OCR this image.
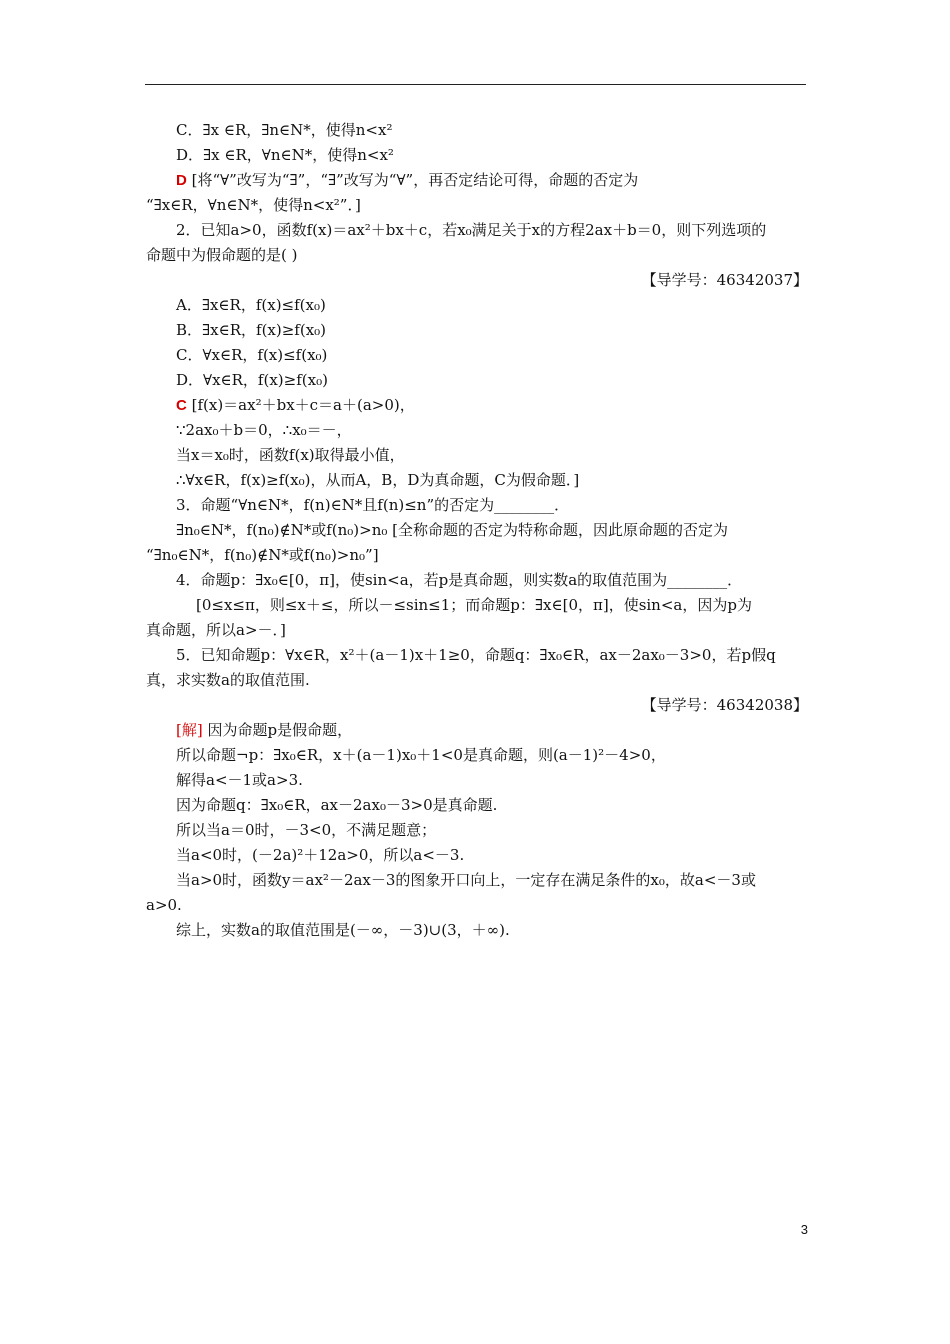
C．∃x ∈R，∃n∈N*，使得n<x²
D．∃x ∈R，∀n∈N*，使得n<x²
D [将“∀”改写为“∃”，“∃”改写为“∀”，再否定结论可得，命题的否定为
“∃x∈R，∀n∈N*，使得n<x²”．]
2．已知a>0，函数f(x)＝ax²＋bx＋c，若x₀满足关于x的方程2ax＋b＝0，则下列选项的
命题中为假命题的是( )
【导学号：46342037】
A．∃x∈R，f(x)≤f(x₀)
B．∃x∈R，f(x)≥f(x₀)
C．∀x∈R，f(x)≤f(x₀)
D．∀x∈R，f(x)≥f(x₀)
C [f(x)＝ax²＋bx＋c＝a＋(a>0)，
∵2ax₀＋b＝0，∴x₀＝－，
当x＝x₀时，函数f(x)取得最小值，
∴∀x∈R，f(x)≥f(x₀)，从而A，B，D为真命题，C为假命题．]
3．命题“∀n∈N*，f(n)∈N*且f(n)≤n”的否定为________．
∃n₀∈N*，f(n₀)∉N*或f(n₀)>n₀ [全称命题的否定为特称命题，因此原命题的否定为
“∃n₀∈N*，f(n₀)∉N*或f(n₀)>n₀”]
4．命题p：∃x₀∈[0，π]，使sin<a，若p是真命题，则实数a的取值范围为________．
[0≤x≤π，则≤x＋≤，所以－≤sin≤1；而命题p：∃x∈[0，π]，使sin<a，因为p为
真命题，所以a>－．]
5．已知命题p：∀x∈R，x²＋(a－1)x＋1≥0，命题q：∃x₀∈R，ax－2ax₀－3>0，若p假q
真，求实数a的取值范围.
【导学号：46342038】
[解] 因为命题p是假命题，
所以命题¬p：∃x₀∈R，x＋(a－1)x₀＋1<0是真命题，则(a－1)²－4>0，
解得a<－1或a>3.
因为命题q：∃x₀∈R，ax－2ax₀－3>0是真命题.
所以当a＝0时，－3<0，不满足题意；
当a<0时，(－2a)²＋12a>0，所以a<－3.
当a>0时，函数y＝ax²－2ax－3的图象开口向上，一定存在满足条件的x₀，故a<－3或
a>0.
综上，实数a的取值范围是(－∞，－3)∪(3，＋∞).
3
